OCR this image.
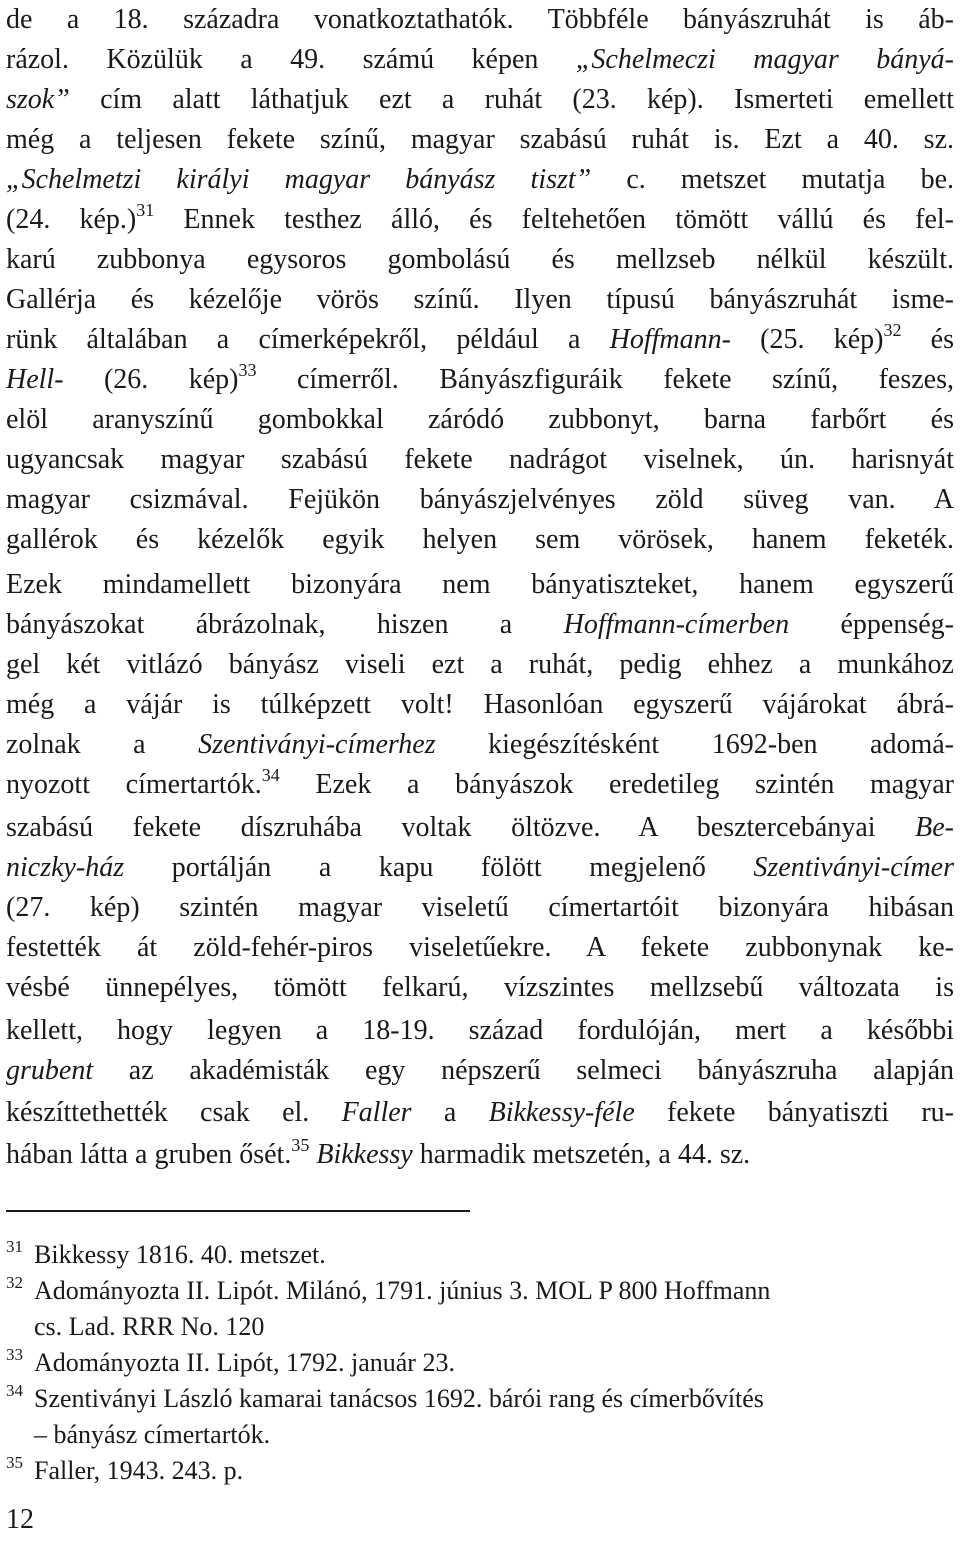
de a 18. századra vonatkoztathatók. Többféle bányászruhát is áb-
rázol. Közülük a 49. számú képen „Schelmeczi magyar bányá-
szok” cím alatt láthatjuk ezt a ruhát (23. kép). Ismerteti emellett
még a teljesen fekete színű, magyar szabású ruhát is. Ezt a 40. sz.
„Schelmetzi királyi magyar bányász tiszt” c. metszet mutatja be.
(24. kép.)$^{31}$ Ennek testhez álló, és feltehetően tömött vállú és fel-
karú zubbonya egysoros gombolású és mellzseb nélkül készült.
Gallérja és kézelője vörös színű. Ilyen típusú bányászruhát isme-
rünk általában a címerképekről, például a Hoffmann- (25. kép)$^{32}$ és
Hell- (26. kép)$^{33}$ címerről. Bányászfiguráik fekete színű, feszes,
elöl aranyszínű gombokkal záródó zubbonyt, barna farbőrt és
ugyancsak magyar szabású fekete nadrágot viselnek, ún. harisnyát
magyar csizmával. Fejükön bányászjelvényes zöld süveg van. A
gallérok és kézelők egyik helyen sem vörösek, hanem feketék.
Ezek mindamellett bizonyára nem bányatiszteket, hanem egyszerű
bányászokat ábrázolnak, hiszen a Hoffmann-címerben éppenség-
gel két vitlázó bányász viseli ezt a ruhát, pedig ehhez a munkához
még a vájár is túlképzett volt! Hasonlóan egyszerű vájárokat ábrá-
zolnak a Szentiványi-címerhez kiegészítésként 1692-ben adomá-
nyozott címertartók.$^{34}$ Ezek a bányászok eredetileg szintén magyar
szabású fekete díszruhába voltak öltözve. A besztercebányai Be-
niczky-ház portálján a kapu fölött megjelenő Szentiványi-címer
(27. kép) szintén magyar viseletű címertartóit bizonyára hibásan
festették át zöld-fehér-piros viseletűekre. A fekete zubbonynak ke-
vésbé ünnepélyes, tömött felkarú, vízszintes mellzsebű változata is
kellett, hogy legyen a 18-19. század fordulóján, mert a későbbi
grubent az akadémisták egy népszerű selmeci bányászruha alapján
készíttethették csak el. Faller a Bikkessy-féle fekete bányatiszti ru-
hában látta a gruben ősét.$^{35}$ Bikkessy harmadik metszetén, a 44. sz.
31 Bikkessy 1816. 40. metszet.
32 Adományozta II. Lipót. Milánó, 1791. június 3. MOL P 800 Hoffmann
cs. Lad. RRR No. 120
33 Adományozta II. Lipót, 1792. január 23.
34 Szentiványi László kamarai tanácsos 1692. bárói rang és címerbővítés
– bányász címertartók.
35 Faller, 1943. 243. p.
12
